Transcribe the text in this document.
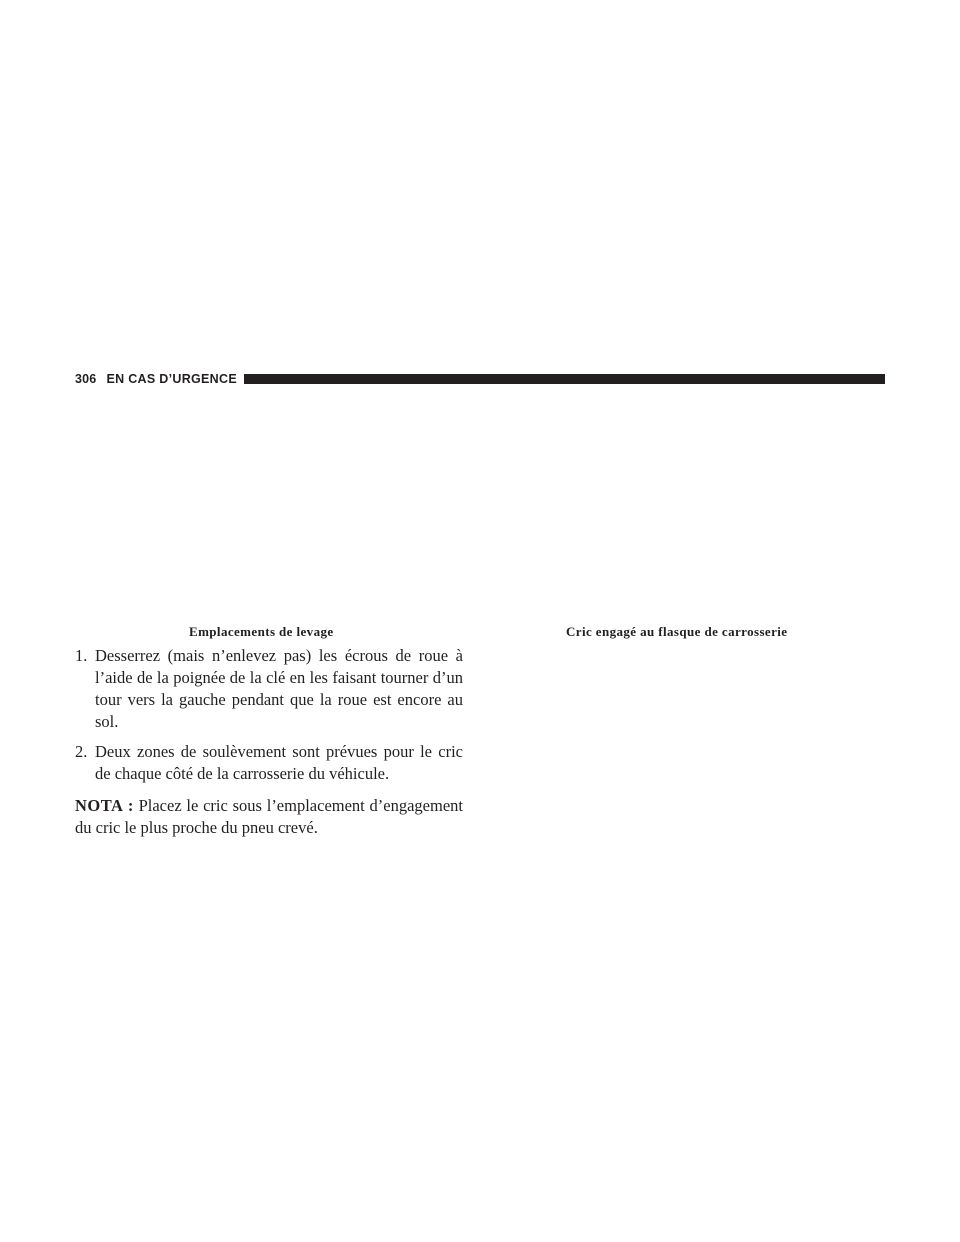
306 EN CAS D’URGENCE
Emplacements de levage	Cric engagé au flasque de carrosserie
1. Desserrez (mais n’enlevez pas) les écrous de roue à l’aide de la poignée de la clé en les faisant tourner d’un tour vers la gauche pendant que la roue est encore au sol.
2. Deux zones de soulèvement sont prévues pour le cric de chaque côté de la carrosserie du véhicule.

NOTA : Placez le cric sous l’emplacement d’engagement du cric le plus proche du pneu crevé.
